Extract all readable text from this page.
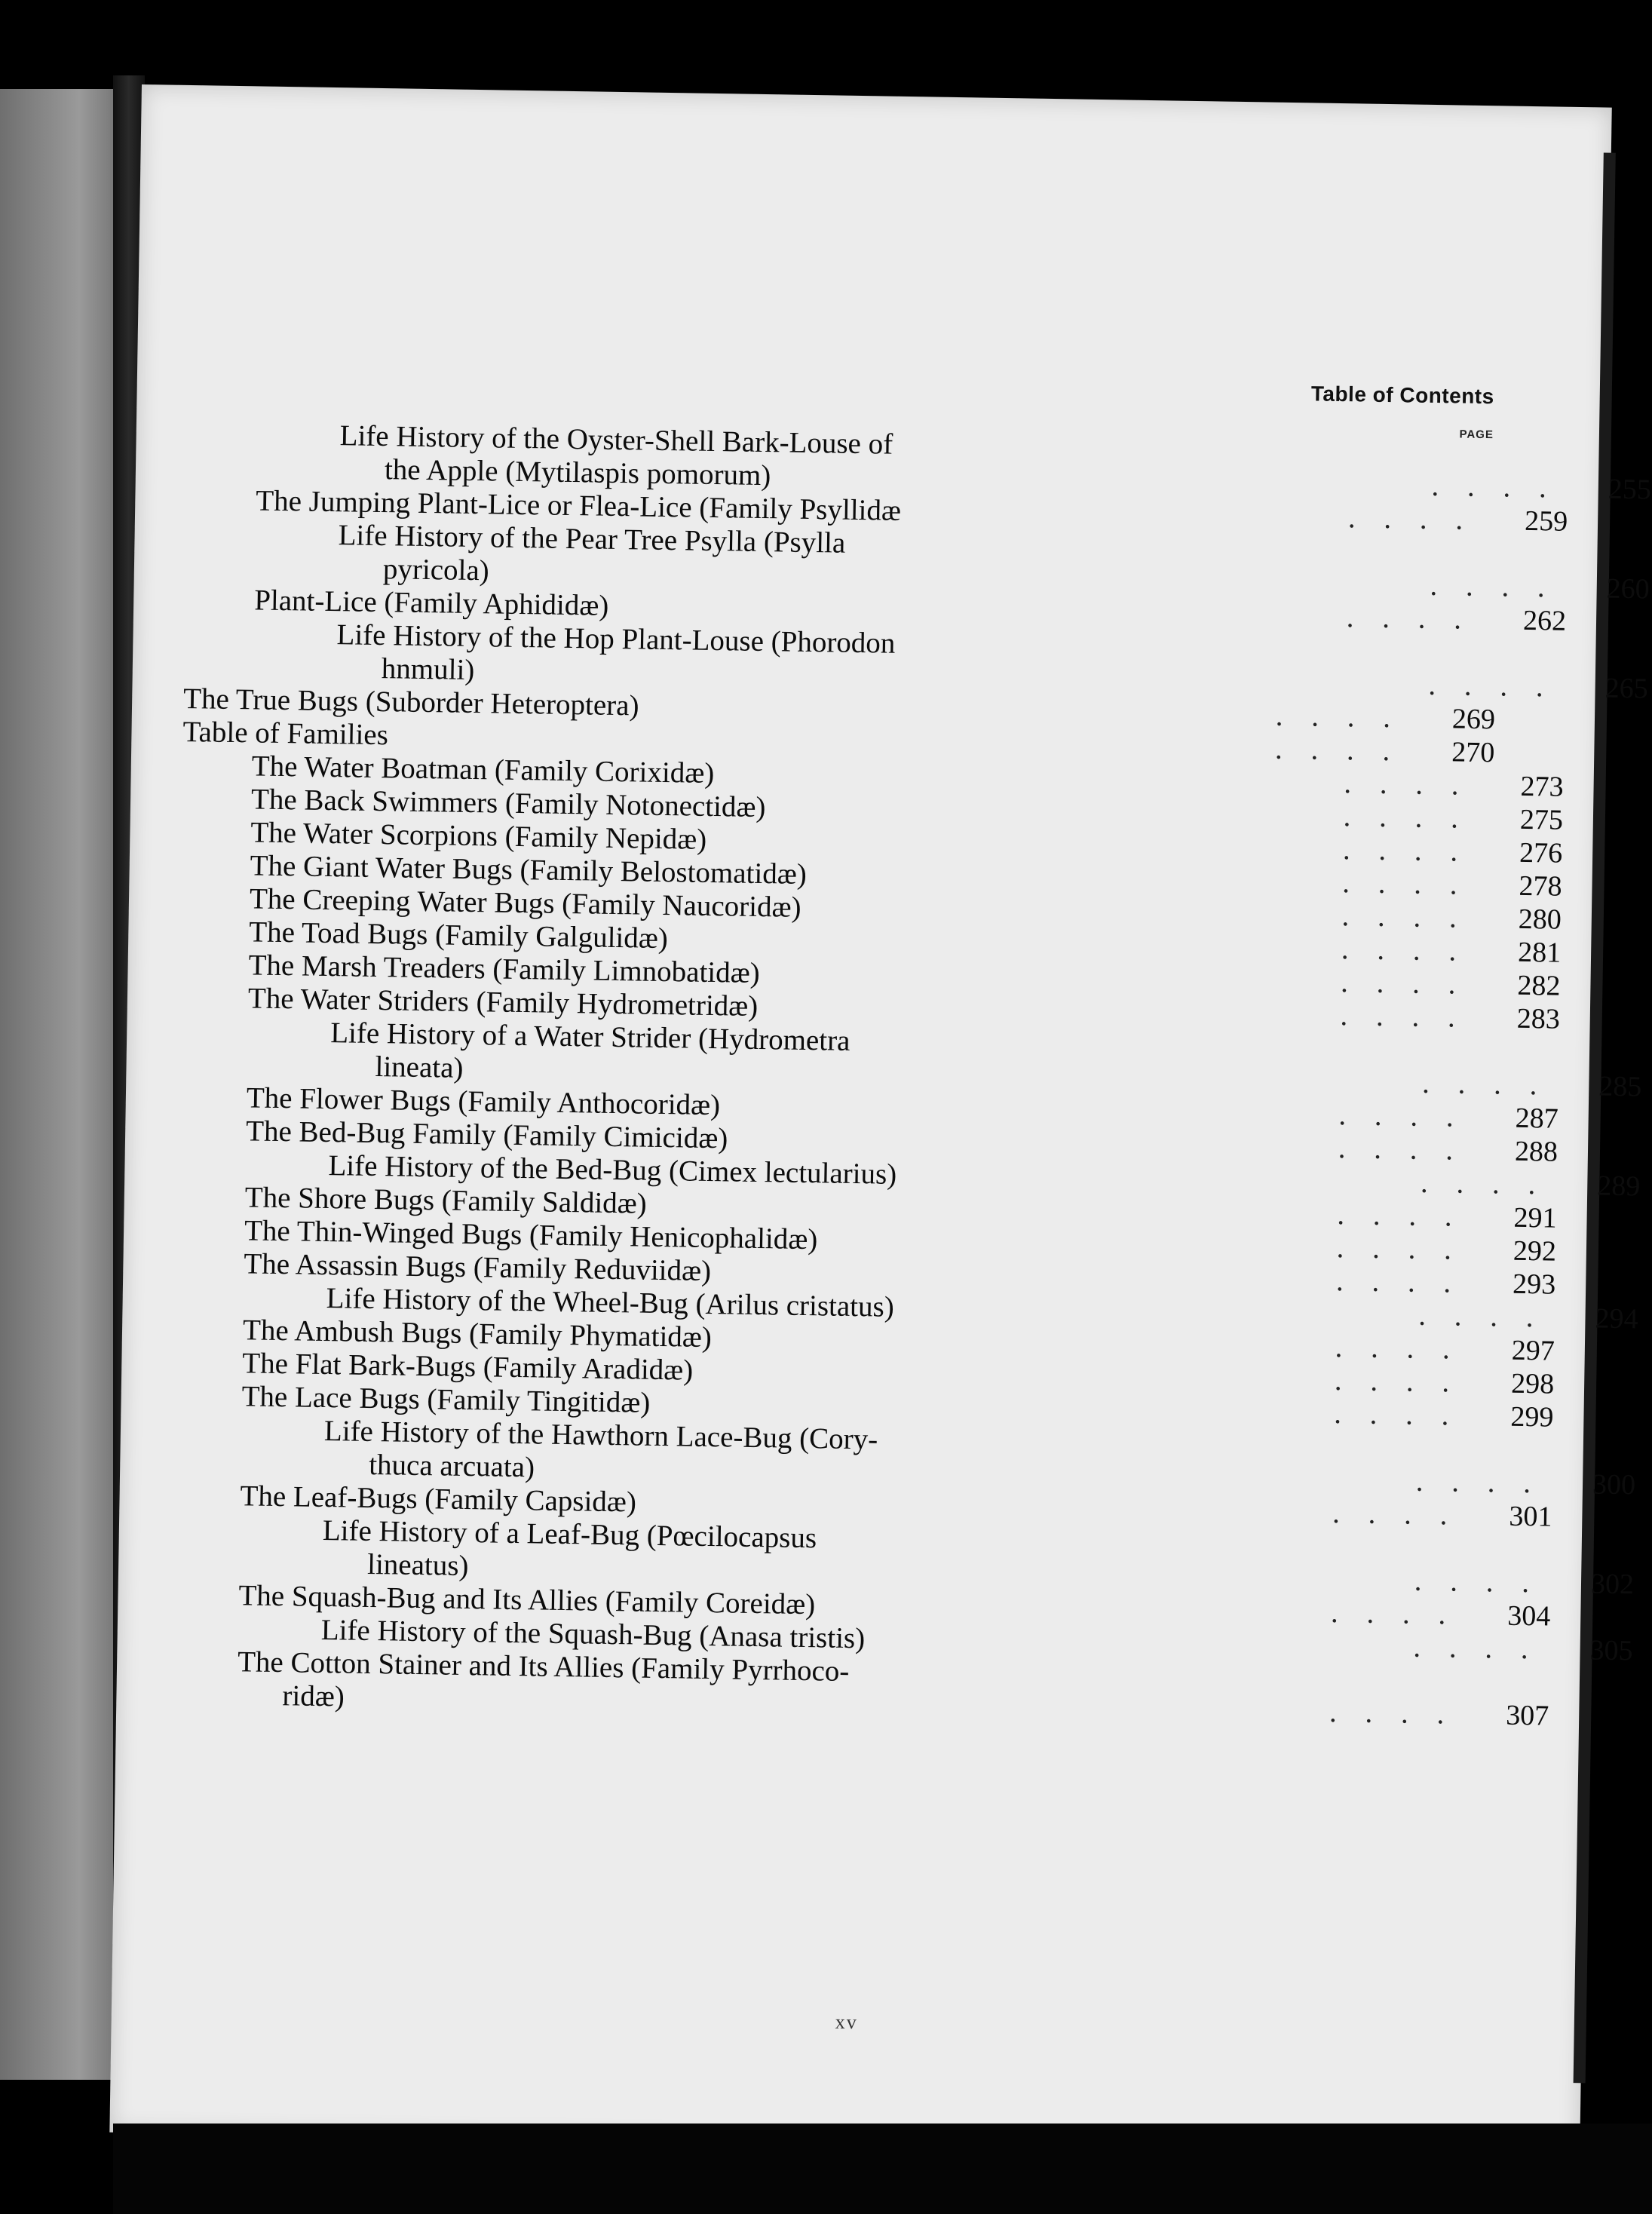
Table of Contents
PAGE
Life History of the Oyster-Shell Bark-Louse of
the Apple (Mytilaspis pomorum)	. . . .	255
The Jumping Plant-Lice or Flea-Lice (Family Psyllidæ	. . . .	259
Life History of the Pear Tree Psylla (Psylla
pyricola)	. . . .	260
Plant-Lice (Family Aphididæ)	. . . .	262
Life History of the Hop Plant-Louse (Phorodon
hnmuli)	. . . .	265
The True Bugs (Suborder Heteroptera)	. . . .	269
Table of Families	. . . .	270
The Water Boatman (Family Corixidæ)	. . . .	273
The Back Swimmers (Family Notonectidæ)	. . . .	275
The Water Scorpions (Family Nepidæ)	. . . .	276
The Giant Water Bugs (Family Belostomatidæ)	. . . .	278
The Creeping Water Bugs (Family Naucoridæ)	. . . .	280
The Toad Bugs (Family Galgulidæ)	. . . .	281
The Marsh Treaders (Family Limnobatidæ)	. . . .	282
The Water Striders (Family Hydrometridæ)	. . . .	283
Life History of a Water Strider (Hydrometra
lineata)	. . . .	285
The Flower Bugs (Family Anthocoridæ)	. . . .	287
The Bed-Bug Family (Family Cimicidæ)	. . . .	288
Life History of the Bed-Bug (Cimex lectularius)	. . . .	289
The Shore Bugs (Family Saldidæ)	. . . .	291
The Thin-Winged Bugs (Family Henicophalidæ)	. . . .	292
The Assassin Bugs (Family Reduviidæ)	. . . .	293
Life History of the Wheel-Bug (Arilus cristatus)	. . . .	294
The Ambush Bugs (Family Phymatidæ)	. . . .	297
The Flat Bark-Bugs (Family Aradidæ)	. . . .	298
The Lace Bugs (Family Tingitidæ)	. . . .	299
Life History of the Hawthorn Lace-Bug (Cory-
thuca arcuata)	. . . .	300
The Leaf-Bugs (Family Capsidæ)	. . . .	301
Life History of a Leaf-Bug (Pœcilocapsus
lineatus)	. . . .	302
The Squash-Bug and Its Allies (Family Coreidæ)	. . . .	304
Life History of the Squash-Bug (Anasa tristis)	. . . .	305
The Cotton Stainer and Its Allies (Family Pyrrhoco-
ridæ)	. . . .	307
xv
